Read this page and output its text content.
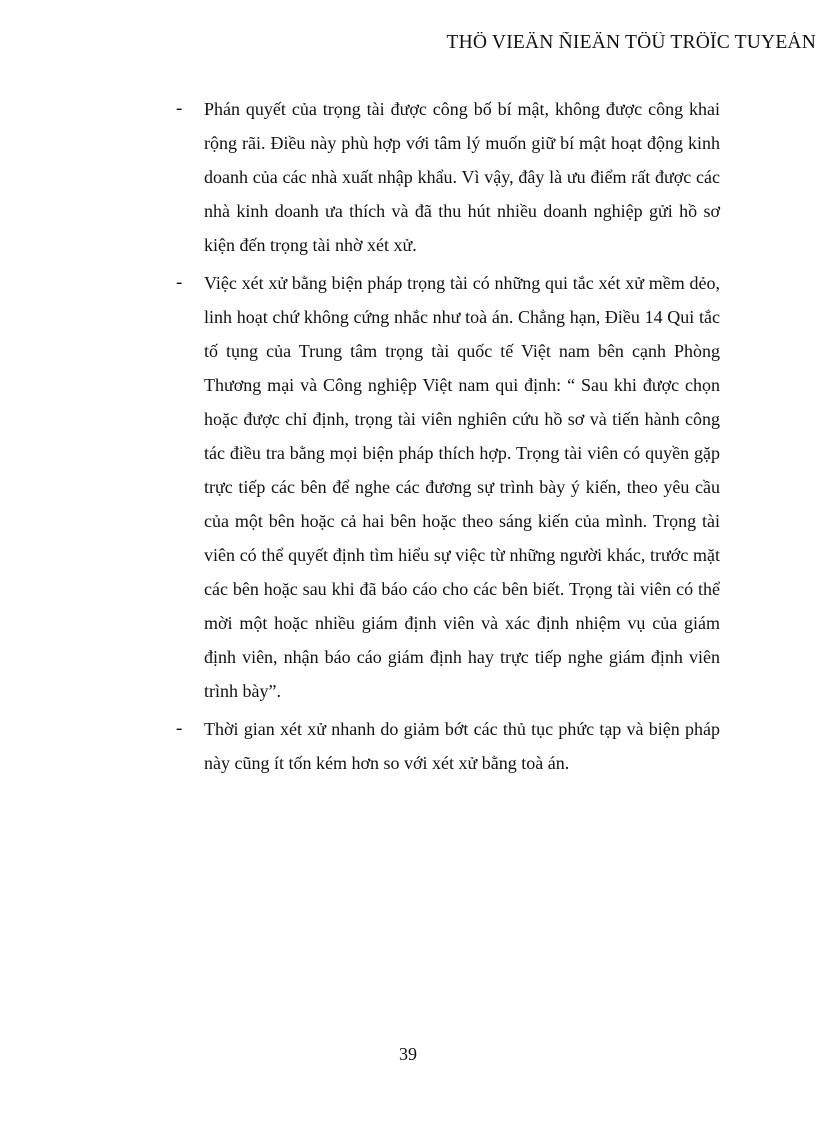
THÖ VIEÄN ÑIEÄN TÖÛ TRÖÏC TUYEÁN
- Phán quyết của trọng tài được công bố bí mật, không được công khai rộng rãi. Điều này phù hợp với tâm lý muốn giữ bí mật hoạt động kinh doanh của các nhà xuất nhập khẩu. Vì vậy, đây là ưu điểm rất được các nhà kinh doanh ưa thích và đã thu hút nhiều doanh nghiệp gửi hồ sơ kiện đến trọng tài nhờ xét xử.
- Việc xét xử bằng biện pháp trọng tài có những qui tắc xét xử mềm dẻo, linh hoạt chứ không cứng nhắc như toà án. Chẳng hạn, Điều 14 Qui tắc tố tụng của Trung tâm trọng tài quốc tế Việt nam bên cạnh Phòng Thương mại và Công nghiệp Việt nam qui định: “ Sau khi được chọn hoặc được chỉ định, trọng tài viên nghiên cứu hồ sơ và tiến hành công tác điều tra bằng mọi biện pháp thích hợp. Trọng tài viên có quyền gặp trực tiếp các bên để nghe các đương sự trình bày ý kiến, theo yêu cầu của một bên hoặc cả hai bên hoặc theo sáng kiến của mình. Trọng tài viên có thể quyết định tìm hiểu sự việc từ những người khác, trước mặt các bên hoặc sau khi đã báo cáo cho các bên biết. Trọng tài viên có thể mời một hoặc nhiều giám định viên và xác định nhiệm vụ của giám định viên, nhận báo cáo giám định hay trực tiếp nghe giám định viên trình bày”.
- Thời gian xét xử nhanh do giảm bớt các thủ tục phức tạp và biện pháp này cũng ít tốn kém hơn so với xét xử bằng toà án.
39
